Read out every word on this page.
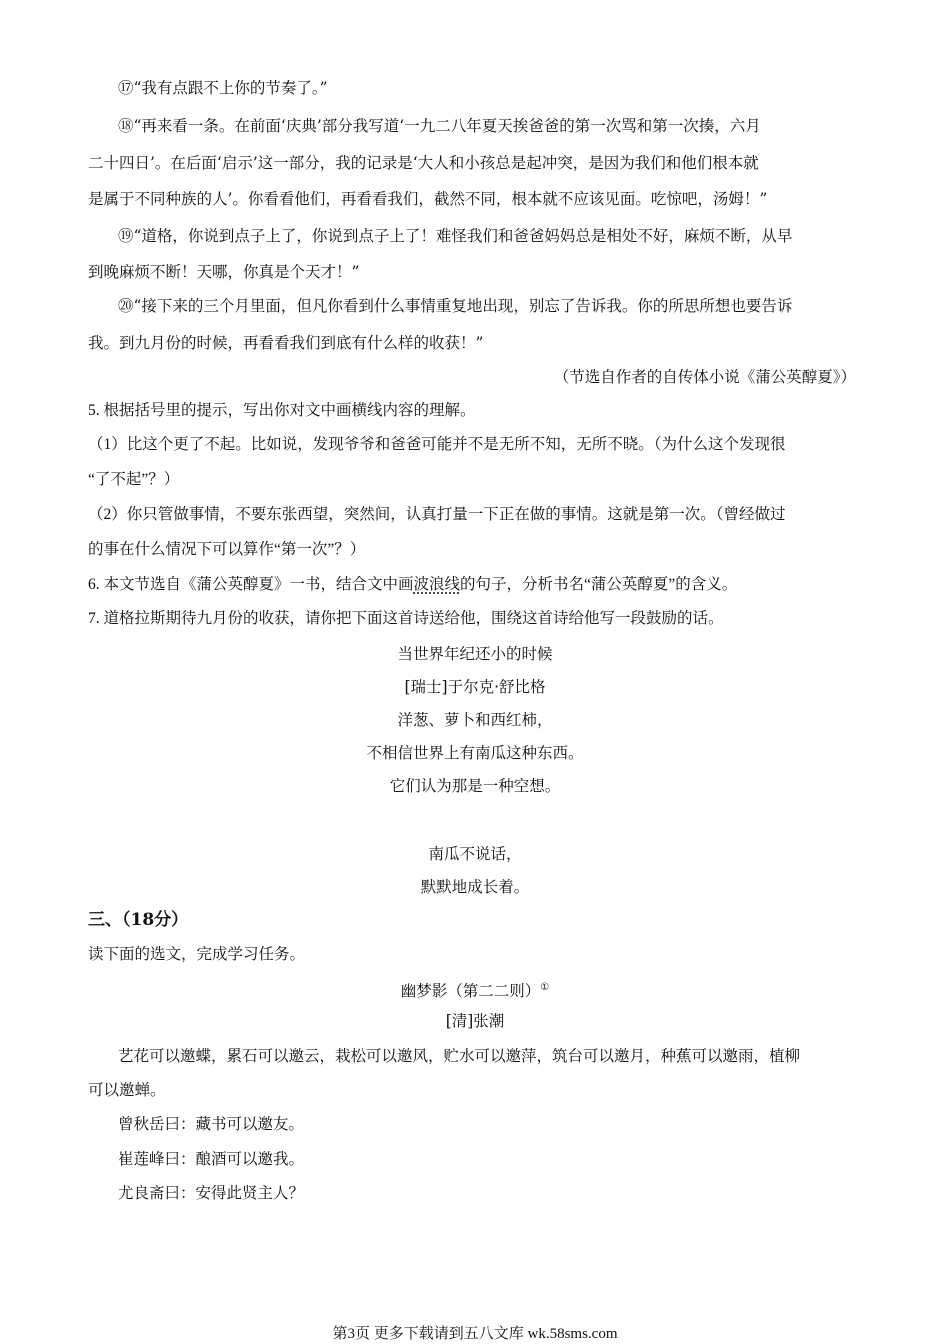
⑰“我有点跟不上你的节奏了。”
⑱“再来看一条。在前面‘庆典’部分我写道‘一九二八年夏天挨爸爸的第一次骂和第一次揍，六月
二十四日’。在后面‘启示’这一部分，我的记录是‘大人和小孩总是起冲突，是因为我们和他们根本就
是属于不同种族的人’。你看看他们，再看看我们，截然不同，根本就不应该见面。吃惊吧，汤姆！”
⑲“道格，你说到点子上了，你说到点子上了！难怪我们和爸爸妈妈总是相处不好，麻烦不断，从早
到晚麻烦不断！天哪，你真是个天才！”
⑳“接下来的三个月里面，但凡你看到什么事情重复地出现，别忘了告诉我。你的所思所想也要告诉
我。到九月份的时候，再看看我们到底有什么样的收获！”
（节选自作者的自传体小说《蒲公英醇夏》）
5. 根据括号里的提示，写出你对文中画横线内容的理解。
（1）比这个更了不起。比如说，发现爷爷和爸爸可能并不是无所不知，无所不晓。（为什么这个发现很
“了不起”？）
（2）你只管做事情，不要东张西望，突然间，认真打量一下正在做的事情。这就是第一次。（曾经做过
的事在什么情况下可以算作“第一次”？）
6. 本文节选自《蒲公英醇夏》一书，结合文中画波浪线的句子，分析书名“蒲公英醇夏”的含义。
7. 道格拉斯期待九月份的收获，请你把下面这首诗送给他，围绕这首诗给他写一段鼓励的话。
当世界年纪还小的时候
[瑞士]于尔克·舒比格
洋葱、萝卜和西红柿，
不相信世界上有南瓜这种东西。
它们认为那是一种空想。
南瓜不说话，
默默地成长着。
三、（18分）
读下面的选文，完成学习任务。
幽梦影（第二二则）①
[清]张潮
艺花可以邀蝶，累石可以邀云，栽松可以邀风，贮水可以邀萍，筑台可以邀月，种蕉可以邀雨，植柳
可以邀蝉。
曾秋岳曰：藏书可以邀友。
崔莲峰曰：酿酒可以邀我。
尤良斋曰：安得此贤主人？
第3页 更多下载请到五八文库 wk.58sms.com
